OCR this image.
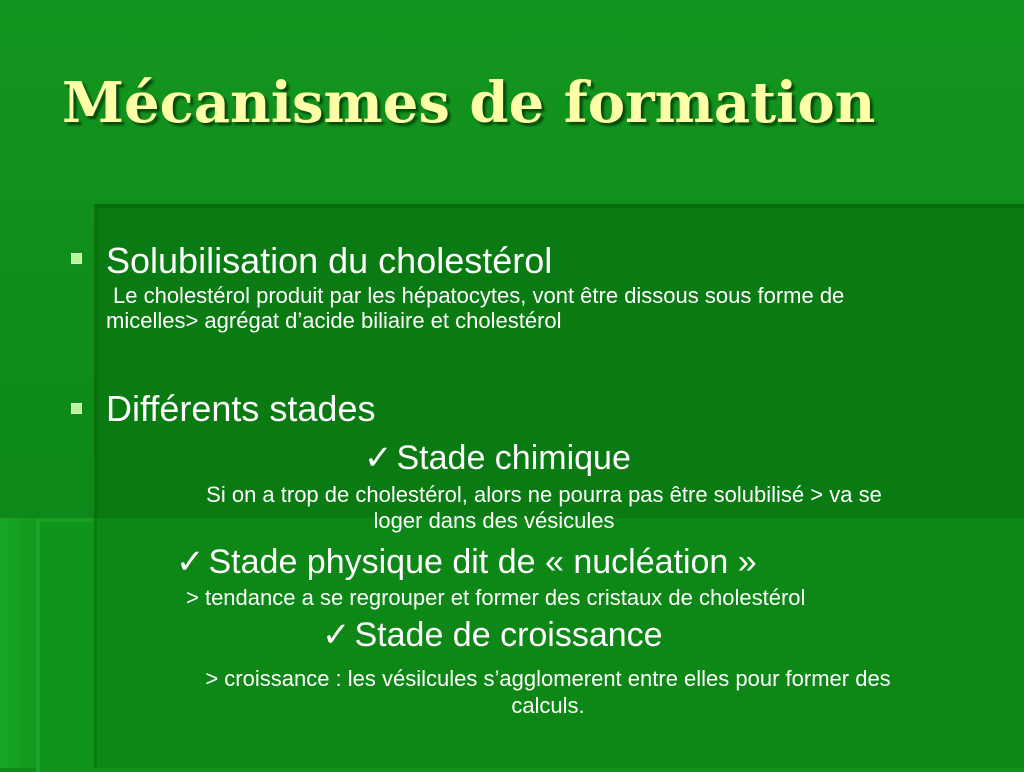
Mécanismes de formation
Solubilisation du cholestérol
Le cholestérol produit par les hépatocytes, vont être dissous sous forme de
micelles> agrégat d’acide biliaire et cholestérol
Différents stades
✓ Stade chimique
Si on a trop de cholestérol, alors ne pourra pas être solubilisé > va se
loger dans des vésicules
✓ Stade physique dit de « nucléation »
> tendance a se regrouper et former des cristaux de cholestérol
✓ Stade de croissance
> croissance : les vésilcules s’agglomerent entre elles pour former des
calculs.
